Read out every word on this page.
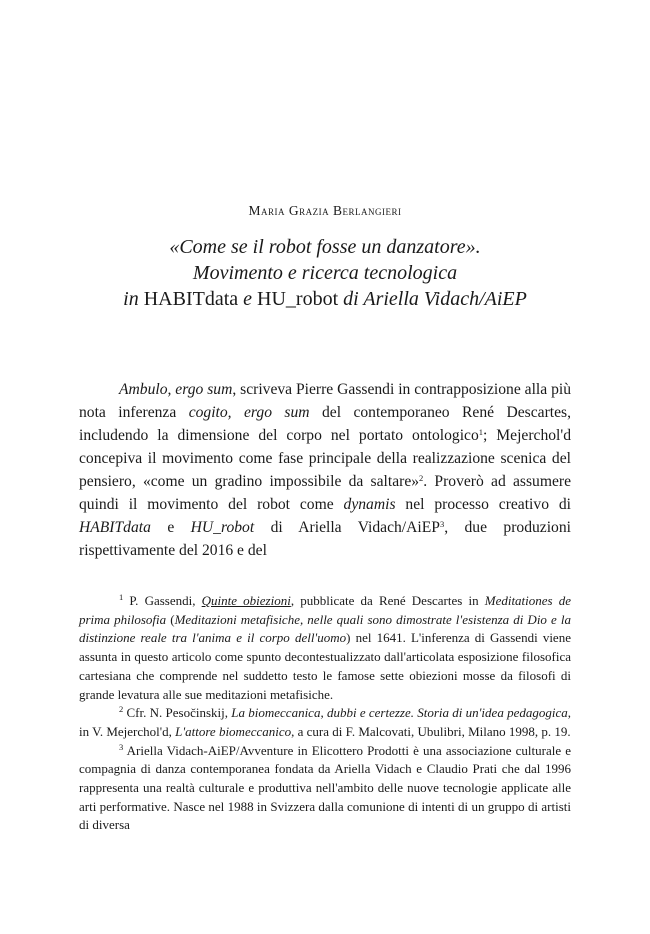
Maria Grazia Berlangieri
«Come se il robot fosse un danzatore».
Movimento e ricerca tecnologica
in HABITdata e HU_robot di Ariella Vidach/AiEP

Ambulo, ergo sum, scriveva Pierre Gassendi in contrapposizione alla più nota inferenza cogito, ergo sum del contemporaneo René Descartes, includendo la dimensione del corpo nel portato ontologico$^1$; Mejerchol'd concepiva il movimento come fase principale della realizzazione scenica del pensiero, «come un gradino impossibile da saltare»$^2$. Proverò ad assumere quindi il movimento del robot come dynamis nel processo creativo di HABITdata e HU_robot di Ariella Vidach/AiEP$^3$, due produzioni rispettivamente del 2016 e del

$^1$ P. Gassendi, Quinte obiezioni, pubblicate da René Descartes in Meditationes de prima philosofia (Meditazioni metafisiche, nelle quali sono dimostrate l'esistenza di Dio e la distinzione reale tra l'anima e il corpo dell'uomo) nel 1641. L'inferenza di Gassendi viene assunta in questo articolo come spunto decontestualizzato dall'articolata esposizione filosofica cartesiana che comprende nel suddetto testo le famose sette obiezioni mosse da filosofi di grande levatura alle sue meditazioni metafisiche.

$^2$ Cfr. N. Pesočinskij, La biomeccanica, dubbi e certezze. Storia di un'idea pedagogica, in V. Mejerchol'd, L'attore biomeccanico, a cura di F. Malcovati, Ubulibri, Milano 1998, p. 19.

$^3$ Ariella Vidach-AiEP/Avventure in Elicottero Prodotti è una associazione culturale e compagnia di danza contemporanea fondata da Ariella Vidach e Claudio Prati che dal 1996 rappresenta una realtà culturale e produttiva nell'ambito delle nuove tecnologie applicate alle arti performative. Nasce nel 1988 in Svizzera dalla comunione di intenti di un gruppo di artisti di diversa
